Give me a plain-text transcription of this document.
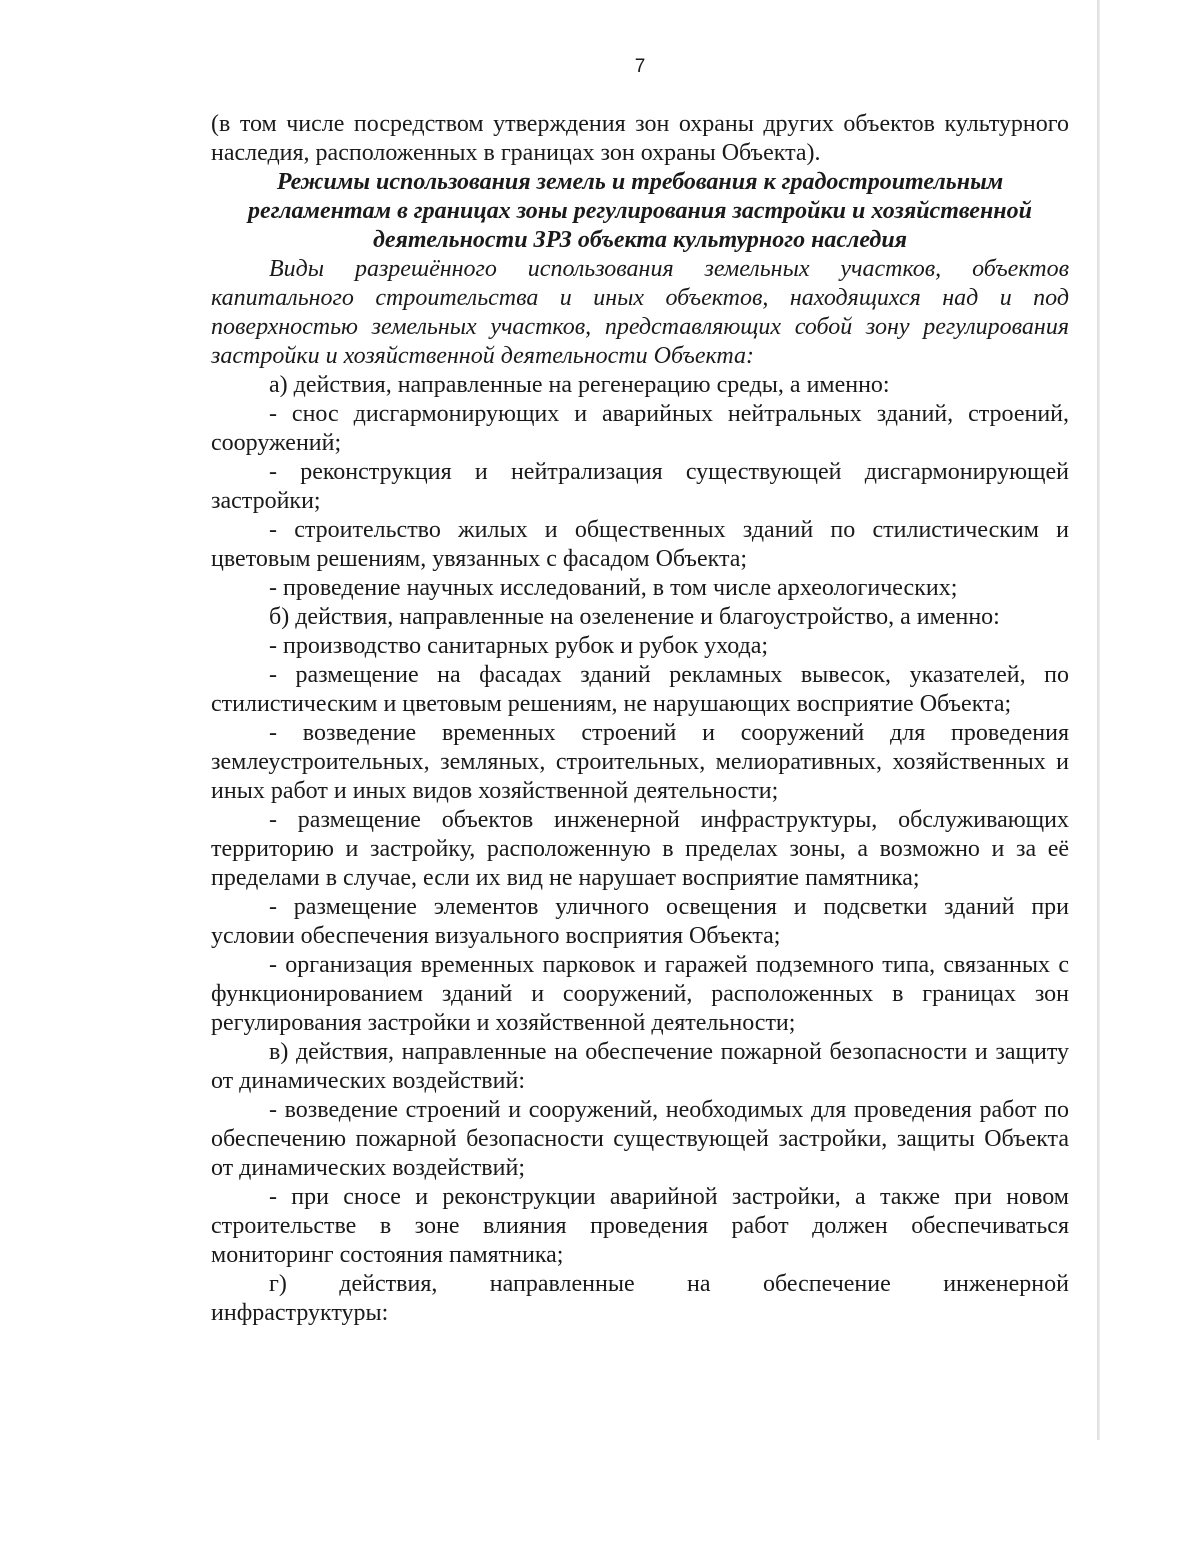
7

(в том числе посредством утверждения зон охраны других объектов культурного наследия, расположенных в границах зон охраны Объекта).

Режимы использования земель и требования к градостроительным регламентам в границах зоны регулирования застройки и хозяйственной деятельности ЗРЗ объекта культурного наследия

Виды разрешённого использования земельных участков, объектов капитального строительства и иных объектов, находящихся над и под поверхностью земельных участков, представляющих собой зону регулирования застройки и хозяйственной деятельности Объекта:

а) действия, направленные на регенерацию среды, а именно:

- снос дисгармонирующих и аварийных нейтральных зданий, строений, сооружений;

- реконструкция и нейтрализация существующей дисгармонирующей застройки;

- строительство жилых и общественных зданий по стилистическим и цветовым решениям, увязанных с фасадом Объекта;

- проведение научных исследований, в том числе археологических;

б) действия, направленные на озеленение и благоустройство, а именно:

- производство санитарных рубок и рубок ухода;

- размещение на фасадах зданий рекламных вывесок, указателей, по стилистическим и цветовым решениям, не нарушающих восприятие Объекта;

- возведение временных строений и сооружений для проведения землеустроительных, земляных, строительных, мелиоративных, хозяйственных и иных работ и иных видов хозяйственной деятельности;

- размещение объектов инженерной инфраструктуры, обслуживающих территорию и застройку, расположенную в пределах зоны, а возможно и за её пределами в случае, если их вид не нарушает восприятие памятника;

- размещение элементов уличного освещения и подсветки зданий при условии обеспечения визуального восприятия Объекта;

- организация временных парковок и гаражей подземного типа, связанных с функционированием зданий и сооружений, расположенных в границах зон регулирования застройки и хозяйственной деятельности;

в) действия, направленные на обеспечение пожарной безопасности и защиту от динамических воздействий:

- возведение строений и сооружений, необходимых для проведения работ по обеспечению пожарной безопасности существующей застройки, защиты Объекта от динамических воздействий;

- при сносе и реконструкции аварийной застройки, а также при новом строительстве в зоне влияния проведения работ должен обеспечиваться мониторинг состояния памятника;

г) действия, направленные на обеспечение инженерной

инфраструктуры:
